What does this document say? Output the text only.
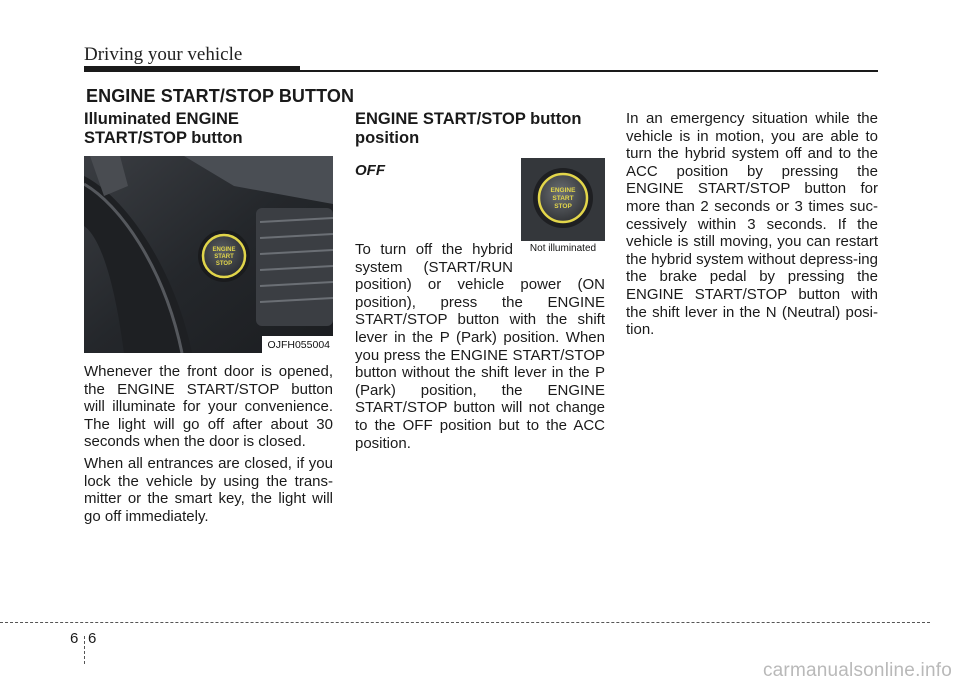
Driving your vehicle
ENGINE START/STOP BUTTON
Illuminated ENGINE START/STOP button
ENGINE
START
STOP
OJFH055004

Whenever the front door is opened, the ENGINE START/STOP button will illuminate for your convenience. The light will go off after about 30 seconds when the door is closed.

When all entrances are closed, if you lock the vehicle by using the trans-mitter or the smart key, the light will go off immediately.

ENGINE START/STOP button position
ENGINE
START
STOP
Not illuminated
OFF

To turn off the hybrid system (START/RUN position) or vehicle power (ON position), press the ENGINE START/STOP button with the shift lever in the P (Park) position. When you press the ENGINE START/STOP button without the shift lever in the P (Park) position, the ENGINE START/STOP button will not change to the OFF position but to the ACC position.

In an emergency situation while the vehicle is in motion, you are able to turn the hybrid system off and to the ACC position by pressing the ENGINE START/STOP button for more than 2 seconds or 3 times suc-cessively within 3 seconds. If the vehicle is still moving, you can restart the hybrid system without depress-ing the brake pedal by pressing the ENGINE START/STOP button with the shift lever in the N (Neutral) posi-tion.

6 6
carmanualsonline.info
